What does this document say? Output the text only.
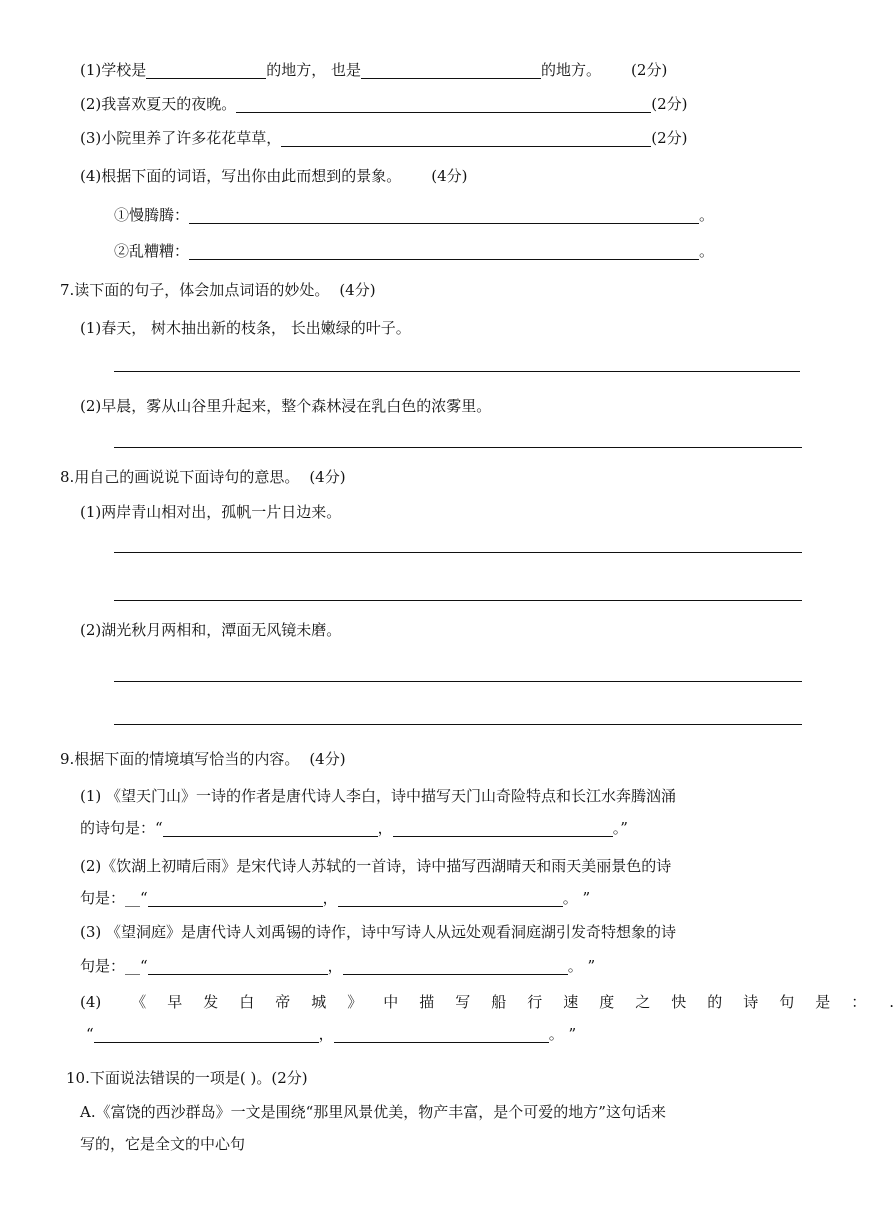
(1)学校是	的地方， 也是	的地方。 (2分)
(2)我喜欢夏天的夜晚。	(2分)
(3)小院里养了许多花花草草，	(2分)
(4)根据下面的词语，写出你由此而想到的景象。 (4分)
①慢腾腾：	。
②乱糟糟：	。
7.读下面的句子，体会加点词语的妙处。 (4分)
(1)春天， 树木抽出新的枝条， 长出嫩绿的叶子。
(2)早晨，雾从山谷里升起来，整个森林浸在乳白色的浓雾里。
8.用自己的画说说下面诗句的意思。 (4分)
(1)两岸青山相对出，孤帆一片日边来。
(2)湖光秋月两相和，潭面无风镜未磨。
9.根据下面的情境填写恰当的内容。 (4分)
(1) 《望天门山》一诗的作者是唐代诗人李白，诗中描写天门山奇险特点和长江水奔腾汹涌
的诗句是：“	，	。”
(2)《饮湖上初晴后雨》是宋代诗人苏轼的一首诗，诗中描写西湖晴天和雨天美丽景色的诗
句是：__“	，	。 ”
(3) 《望洞庭》是唐代诗人刘禹锡的诗作，诗中写诗人从远处观看洞庭湖引发奇特想象的诗
句是：__“	，	。 ”
(4) 《早发白帝城》中描写船行速度之快的诗句是： .
“	，	。 ”
10.下面说法错误的一项是( )。(2分)
A.《富饶的西沙群岛》一文是围绕“那里风景优美，物产丰富，是个可爱的地方”这句话来
写的，它是全文的中心句
